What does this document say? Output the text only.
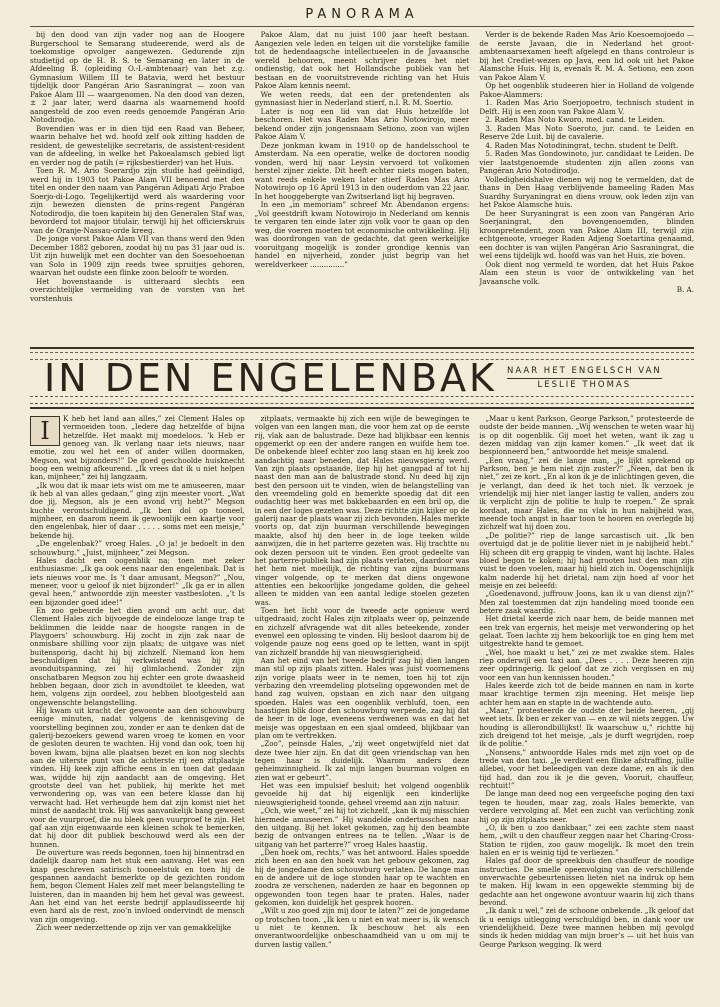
PANORAMA

bij den dood van zijn vader nog aan de Hoogere Burgerschool te Semarang studeerende, werd als de toekomstige opvolger aangewezen. Gedurende zijn studietijd op de H. B. S. te Semarang en later in de Afdeeling B. (opleiding O.-I.-ambtenaar) van het z.g. Gymnasium Willem III te Batavia, werd het bestuur tijdelijk door Pangéran Ario Sasraningrat — zoon van Pakoe Alam III — waargenomen. Na den dood van dezen, ± 2 jaar later, werd daarna als waarnemend hoofd aangesteld de zoo even reeds genoemde Pangéran Ario Notodirodjo.

Bovendien was er in dien tijd een Raad van Beheer, waarin behalve het wd. hoofd zelf ook zitting hadden de resident, de gewestelijke secretaris, de assistent-resident van de afdeeling, in welke het Pakoealamsch gebied ligt en verder nog de patih (= rijksbestierder) van het Huis.

Toen R. M. Ario Soerardjo zijn studie had geëindigd, werd hij in 1903 tot Pakoe Alam VII benoemd met den titel en onder den naam van Pangéran Adipati Arjo Praboe Soerjo-di-Logo. Tegelijkertijd werd als waardering voor zijn bewezen diensten de prins-regent Pangéran Notodirodjo, die toen kapitein bij den Generalen Staf was, bevorderd tot majoor titulair, terwijl hij het officierskruis van de Oranje-Nassau-orde kreeg.

De jonge vorst Pakoe Alam VII van thans werd den 9den December 1882 geboren, zoodat hij nu pas 31 jaar oud is. Uit zijn huwelijk met een dochter van den Soesoehoenan van Solo in 1909 zijn reeds twee spruitjes geboren, waarvan het oudste een flinke zoon beloofr te worden.

Het bovenstaande is uitteraard slechts een overzichtelijke vermelding van de vorsten van het vorstenhuis

Pakoe Alam, dat nu juist 100 jaar heeft bestaan. Aangezien vele leden en telgen uit die vorstelijke familie tot de hedendaagsche intellectueelen in de Javaansche wereld behooren, meent schrijver dezes het niet ondienstig, dat ook het Hollandsche publiek van het bestaan en de vooruitstrevende richting van het Huis Pakoe Alam kennis neemt.

We weten reeds, dat een der pretendenten als gymnasiast hier in Nederland stierf, n.l. R. M. Soertio.

Later is nog een lid van dat Huis hetzelfde lot beschoren. Het was Raden Mas Ario Notowirojo, meer bekend onder zijn jongensnaam Setiono, zoon van wijlen Pakoe Alam V.

Deze jonkman kwam in 1910 op de handelsschool te Amsterdam. Na een operatie, welke de doctoren noodig vonden, werd hij naar Leysin vervoerd tot volkomen herstel zijner ziekte. Dit heeft echter niets mogen baten, want reeds enkele weken later stierf Raden Mas Ario Notowirojo op 16 April 1913 in den ouderdom van 22 jaar. In het hooggebergte van Zwitserland ligt hij begraven.

In een „in memoriam” schreef Mr. Abendanon ergens: „Vol geestdrift kwam Notowirojo in Nederland om kennis te vergaren ten einde later zijn volk voor te gaan op den weg, die voeren moeten tot economische ontwikkeling. Hij was doordrongen van de gedachte, dat geen werkelijke vooruitgang mogelijk is zonder grondige kennis van handel en nijverheid, zonder juist begrip van het wereldverkeer ...............”

Verder is de bekende Raden Mas Ario Koesoemojoedo — de eerste Javaan, die in Nederland het groot-ambtenaarsexamen heeft afgelegd en thans controleur is bij het Crediet-wezen op Java, een lid ook uit het Pakoe Alamsche Huis. Hij is, evenals R. M. A. Setiono, een zoon van Pakoe Alam V.

Op het oogenblik studeeren hier in Holland de volgende Pakoe-Alammers:

1. Raden Mas Ario Soerjopoetro, technisch student in Delft. Hij is een zoon van Pakoe Alam V.

2. Raden Mas Noto Kworo, med. cand. te Leiden.

3. Raden Mas Noto Soeroto, jur. cand. te Leiden en Reserve 2de Luit. bij de cavalerie.

4. Raden Mas Notodiningrat, techn. student te Delft.

5. Raden Mas Gondowinoto, jur. candidaat te Leiden. De vier laatstgenoemde studenten zijn allen zoons van Pangéran Ario Notodirodjo.

Volledigheidshalve dienen wij nog te vermelden, dat de thans in Den Haag verblijvende bameeling Raden Mas Suardhy Suryaningrat en diens vrouw, ook leden zijn van het Pakoe Alamsche huis.

De heer Suryaningrat is een zoon van Pangéran Ario Soerjaningrat, den bovengenoemden, blinden kroonpretendent, zoon van Pakoe Alam III, terwijl zijn echtgenoote, vroeger Raden Adjeng Soetartina genaamd, een dochter is van wijlen Pangéran Ario Sasraningrat, die wel eens tijdelijk wd. hoofd was van het Huis, zie boven.

Ook dient nog vermeld te worden, dat het Huis Pakoe Alam een steun is voor de ontwikkeling van het Javaansche volk.

B. A.

IN DEN ENGELENBAK NAAR HET ENGELSCH VAN
LESLIE THOMAS
I	K heb het land aan alles,” zei Clement Hales op vermoeiden toon. „Iedere dag hetzelfde of bijna hetzelfde. Het maakt mij moedeloos. ’k Heb er genoeg van. Ik verlang naar iets nieuws, naar emotie, zou wel het een of ander willen doormaken, Megson, wat bijzonders!” De goed geschoolde huisknecht boog een weinig afkeurend. „Ik vrees dat ik u niet helpen kan, mijnheer,” zei hij langzaam.

„Ik wou dat ik maar iets wist om me te amuseeren, maar ik heb al van alles gedaan,” ging zijn meester voort. „Wat doe jij, Megson, als je een avond vrij hebt?” Megson kuchte verontschuldigend. „Ik ben dol op tooneel, mijnheer, en daarom neem ik gewoonlijk een kaartje voor den engelenbak, hier of daar . . . . . soms met een meisje,” bekende hij.

„De engelenbak?” vroeg Hales. „O ja! je bedoelt in den schouwburg.” „Juist, mijnheer,” zei Megson.

Hales dacht een oogenblik na; toen met zeker enthusiasme: „Ik ga ook eens naar den engelenbak. Dat is iets nieuws voor me. Is ’t daar amusant, Megson?” „Nou, meneer, voor u geloof ik niet bijzonder!” „Ik ga er in allen geval heen,” antwoordde zijn meester vastbesloten. „’t Is een bijzonder goed idee!”

En zoo gebeurde het dien avond om acht uur, dat Clement Hales zich bijvoegde de eindelooze lange trap te beklimmen die leidde naar de hoogste rangen in de Playgoers’ schouwburg. Hij zocht in zijn zak naar de onmisbare shilling voor zijn plaats; de uitgave was niet buitensporig, dacht hij bij zichzelf. Niemand kon hem beschuldigen dat hij verkwistend was bij zijn avonduitspanning, zei hij glimlachend. Zonder zijn onschatbaren Megson zou hij echter een grote dwaasheid hebben begaan, door zich in avondtoilet te kleeden, wat hem, volgens zijn oordeel, zou hebben blootgesteld aan ongewenschte belangstelling.

Hij kwam uit kracht der gewoonte aan den schouwburg eenige minuten, nadat volgens de kennisgeving de voorstelling beginnen zou, zonder er aan te denken dat de galerij-bezoekers gewend waren vroeg te komen en voor de gesloten deuren te wachten. Hij vond dan ook, toen hij boven kwam, bijna alle plaatsen bezet en kon nog slechts aan de uiterste punt van de achterste rij een zitplaatsje vinden. Hij keek zijn affiche eens in en toen dat gedaan was, wijdde hij zijn aandacht aan de omgeving. Het grootste deel van het publiek, hij merkte het met verwondering op, was van een betere klasse dan hij verwacht had. Het verheugde hem dat zijn komst niet het minst de aandacht trok. Hij was aanvankelijk bang geweest voor de vuurproef, die nu bleek geen vuurproef te zijn. Het gaf aan zijn eigenwaarde een kleinen schok te bemerken, dat hij door dit publiek beschouwd werd als een der hunnen.

De ouverture was reeds begonnen, toen hij binnentrad en dadelijk daarop nam het stuk een aanvang. Het was een knap geschreven satirisch tooneelstuk en toen hij de gespannen aandacht bemerkte op de gezichten rondom hem, begon Clement Hales zelf met meer belangstelling te luisteren, dan in maanden bij hem het geval was geweest. Aan het eind van het eerste bedrijf applaudisseerde hij even hard als de rest, zoo’n invloed ondervindt de mensch van zijn omgeving.

Zich weer nederzettende op zijn ver van gemakkelijke

zitplaats, vermaakte hij zich een wijle de bewegingen te volgen van een langen man, die voor hem zat op de eerste rij, vlak aan de balustrade. Deze had blijkbaar een kennis opgemerkt op een der andere rangen en wuifde hem toe. De onbekende bleef echter zoo lang staan en hij keek zoo aandachtig naar beneden, dat Hales nieuwsgierig werd. Van zijn plaats opstaande, liep hij het gangpad af tot hij naast den man aan de balustrade stond. Nu deed hij zijn best den persoon uit te vinden, wien de belangstelling van den vreemdeling gold en bemerkte spoedig dat dit een oudachtig heer was met bakkebaarden en een bril op, die in een der loges gezeten was. Deze richtte zijn kijker op de galerij naar de plaats waar zij zich bevonden. Hales merkte voorts op, dat zijn buurman verschillende bewegingen maakte, alsof hij den heer in de loge teeken wilde aanwijzen, die in het parterre gezeten was. Hij trachtte nu ook dezen persoon uit te vinden. Een groot gedeelte van het parterre-publiek had zijn plaats verlaten, daardoor was het hem niet moeilijk, de richting van zijns buurmans vinger volgende, op te merken dat diens ongewone attenties een bekoorlijke jongedame golden, die geheel alleen te midden van een aantal ledige stoelen gezeten was.

Toen het licht voor de tweede acte opnieuw werd uitgedraaid, zocht Hales zijn zitplaats weer op, peinzende en zichzelf afvragende wat dit alles beteekende, zonder evenwel een oplossing te vinden. Hij besloot daarom bij de volgende pauze nog eens goed op te letten, want in spijt van zichzelf brandde hij van nieuwsgierigheid.

Aan het eind van het tweede bedrijf zag hij dien langen man stil op zijn plaats zitten. Hales was juist voornemens zijn vorige plaats weer in te nemen, toen hij tot zijn verbazing den vreemdeling plotseling opgewonden met de hand zag wuiven, opstaan en zich naar den uitgang spoeden. Hales was een oogenblik verblufd, toen, een haastigen blik door den schouwburg werpende, zag hij dat de heer in de loge, eveneens verdwenen was en dat het meisje was opgestaan en een sjaal omdeed, blijkbaar van plan om te vertrekken.

„Zoo”, peinsde Hales, „’zij weet ongetwijfeld niet dat deze twee hier zijn. En dat dit geen vriendschap van hen tegen haar is duidelijk. Waarom anders deze geheimzinnigheid. Ik zal mijn langen buurman volgen en zien wat er gebeurt”.

Het was een impulsief besluit; het volgend oogenblik gevoelde hij dat hij eigenlijk een kinderlijke nieuwsgierigheid toonde, geheel vreemd aan zijn natuur.

„Och, wie weet,” zei hij tot zichzelf, „kan ik mij misschien hiermede amuseeren.” Hij wandelde ondertusschen naar den uitgang. Bij het loket gekomen, zag hij den beambte bezig de ontvangen entrees na te tellen. „Waar is de uitgang van het parterre?” vroeg Hales haastig.

„Den hoek om, rechts,” was het antwoord. Hales spoedde zich heen en aan den hoek van het gebouw gekomen, zag hij de jongedame den schouwburg verlaten. De lange man en de andere uit de loge stonden haar op te wachten en zoodra ze verschenen, naderden ze haar en begonnen op opgewonden toon tegen haar te praten. Hales, nader gekomen, kon duidelijk het gesprek hooren.

„Wilt u zoo goed zijn mij door te laten?” zei de jongedame op trotschen toon. „Ik ken u niet en wat meer is, ik wensch u niet te kennen. Ik beschouw het als een onverantwoordelijke onbeschaamdheid van u om mij te durven lastig vallen.”

„Maar u kent Parkson, George Parkson,” protesteerde de oudste der beide mannen. „Wij wenschen te weten waar hij is op dit oogenblik. Gij moet het weten, want ik zag u dezen middag van zijn kamer komen.” „Ik weet dat ik bespionneerd ben,” antwoordde het meisje smalend.

„Een vraag,” zei de lange man, „je lijkt sprekend op Parkson, ben je hem niet zijn zuster?” „Neen, dat ben ik niet,” zei ze kort. „En al kon ik je de inlichtingen geven, die je verlangt, dan deed ik het toch niet. Ik verzoek je vriendelijk mij hier niet langer lastig te vallen, anders zou ik verplicht zijn de politie te hulp te roepen.” Ze sprak kordaat, maar Hales, die nu vlak in hun nabijheid was, meende toch angst in haar toon te hooren en overlegde bij zichzelf wat hij doen zou.

„De politie?” riep de lange sarcastisch uit. „Ik ben overtuigd dat je de politie liever niet in je nabijheid hebt.” Hij scheen dit erg grappig te vinden, want hij lachte. Hales bloed begon te koken; hij had grooten lust den man zijn vuist te doen voelen, maar hij hield zich in. Oogenschijnlijk kalm naderde hij het drietal, nam zijn hoed af voor het meisje en zei beleefd:

„Goedenavond, juffrouw Joons, kan ik u van dienst zijn?” Men zal toestemmen dat zijn handeling moed toonde een betere zaak waardig.

Het drietal keerde zich naar hem, de beide mannen met een trek van ergernis, het meisje met verwondering op het gelaat. Toen lachte zij hem bekoorlijk toe en ging hem met uitgestrekte hand te gemoet.

„Wel, hoe maakt u het,” zei ze met zwakke stem. Hales riep onderwijl een taxi aan. „Dees . . . . Deze heeren zijn zeer opdringerig. Ik geloof dat ze zich vergissen en mij voor een van hun kennissen houden.”

Hales keerde zich tot de beide mannen en nam in korte maar krachtige termen zijn meening. Het meisje liep achter hem aan en stapte in de wachtende auto.

„Maar,” protesteerde de oudste der beide heeren, „gij weet iets. Ik ben er zeker van — en ze wil niets zeggen. Uw houding is allerondbillijkst! Ik waarschuw u,” richtte hij zich dreigend tot het meisje, „als je durft wegrijden, roep ik de politie.”

„Nonsens,” antwoordde Hales rnds met zijn voet op de trede van den taxi. „Je verdient een flinke afstraffing, jullie allebei, voor het beleedigen van deze dame, en als ik den tijd had, dan zou ik je die geven. Vooruit, chauffeur, rechtuit!”

De lange man deed nog een vergeefsche poging den taxi tegen te houden, maar zag, zoals Hales bemerkte, van verdere vervolging af. Met een zucht van verlichting zonk hij op zijn zitplaats neer.

„O, ik ben u zoo dankbaar,” zei een zachte stem naast hem, „wilt u den chauffeur zeggen naar het Charing-Cross-Station te rijden, zoo gauw mogelijk. Ik moet den trein halen en er is weinig tijd te verliezen.”

Hales gaf door de spreekbuis den chauffeur de noodige instructies. De smelle opeenvolging van de verschillende onverwachte gebeurtenissen lieten niet na indruk op hem te maken. Hij kwam in een opgewekte stemming bij de gedachte aan het ongewone avontuur waarin hij zich thans bevond.

„Ik dank u wel,” zei de schoone onbekende. „Ik geloof dat ik u eenigs uitlegging verschuldigd ben, in dank voor uw vriendelijkheid. Deze twee mannen hebben mij gevolgd sinds ik heden middag van mijn broer’s — uit het huis van George Parkson wegging. Ik werd
